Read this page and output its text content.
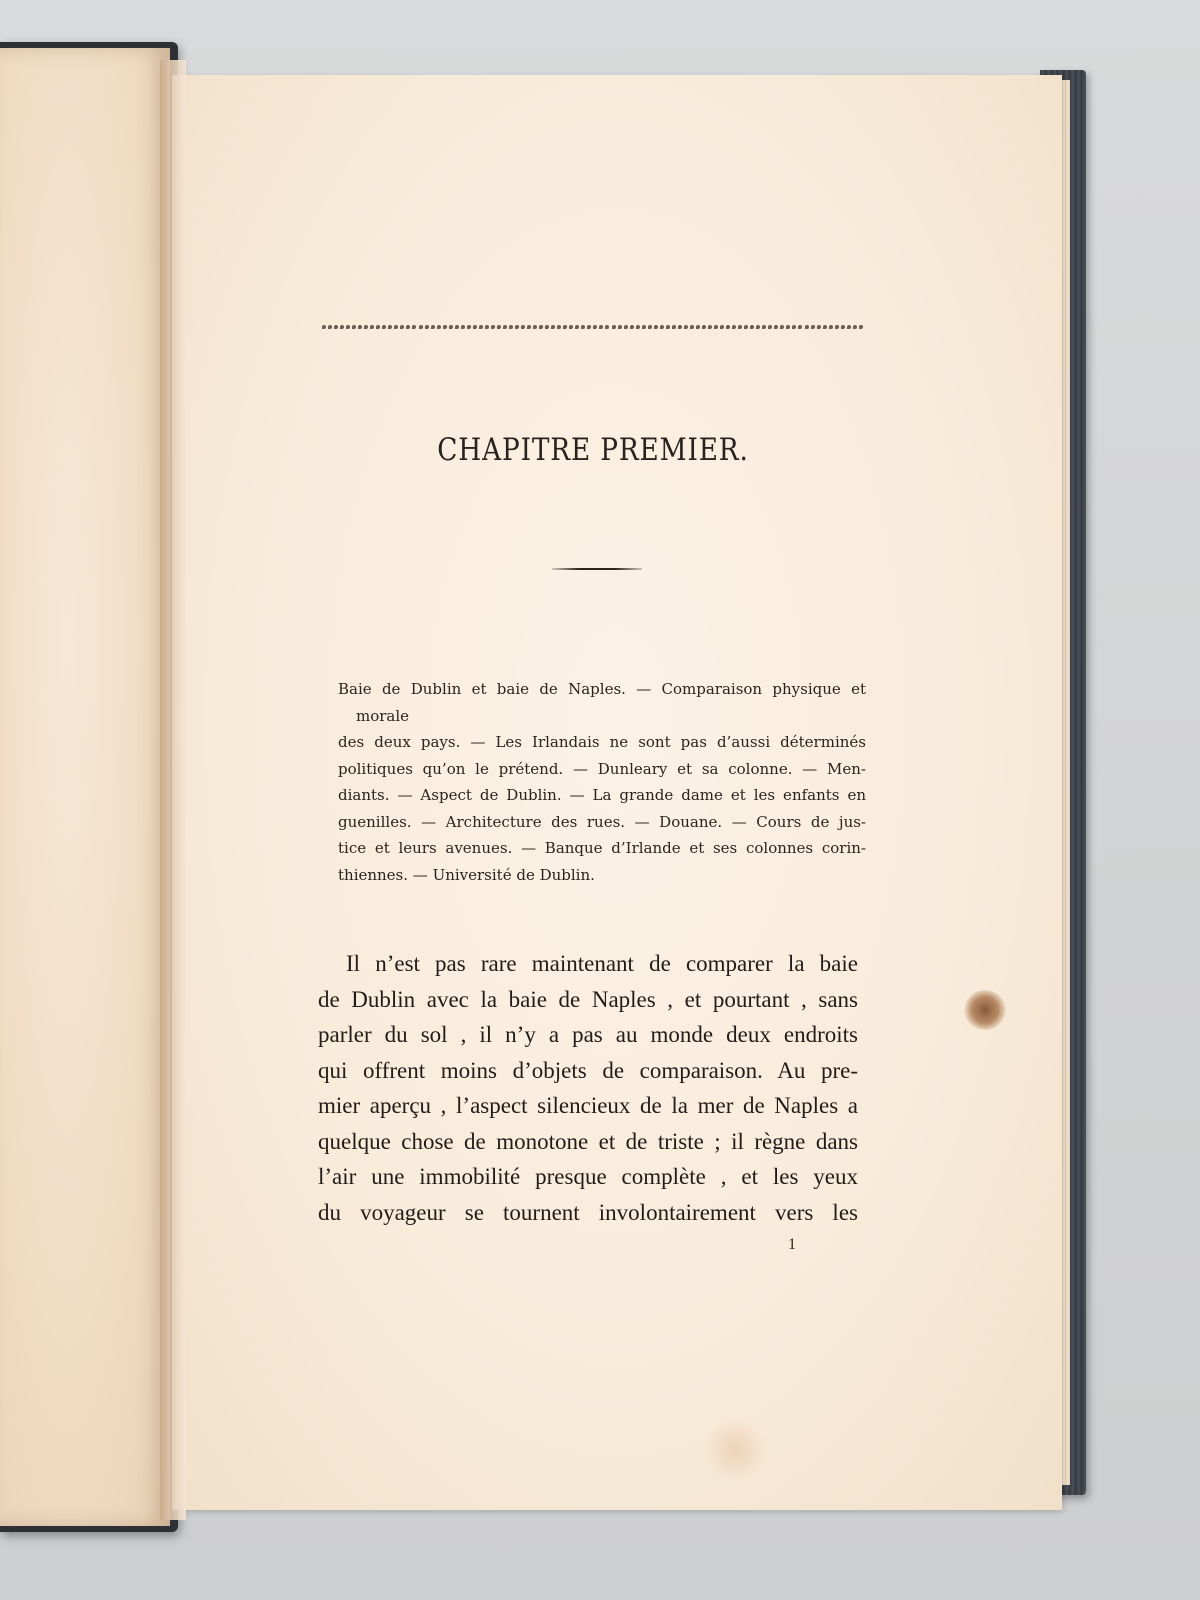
CHAPITRE PREMIER.

Baie de Dublin et baie de Naples. — Comparaison physique et morale
des deux pays. — Les Irlandais ne sont pas d’aussi déterminés
politiques qu’on le prétend. — Dunleary et sa colonne. — Men-
diants. — Aspect de Dublin. — La grande dame et les enfants en
guenilles. — Architecture des rues. — Douane. — Cours de jus-
tice et leurs avenues. — Banque d’Irlande et ses colonnes corin-
thiennes. — Université de Dublin.

Il n’est pas rare maintenant de comparer la baie
de Dublin avec la baie de Naples , et pourtant , sans
parler du sol , il n’y a pas au monde deux endroits
qui offrent moins d’objets de comparaison. Au pre-
mier aperçu , l’aspect silencieux de la mer de Naples a
quelque chose de monotone et de triste ; il règne dans
l’air une immobilité presque complète , et les yeux
du voyageur se tournent involontairement vers les

1
